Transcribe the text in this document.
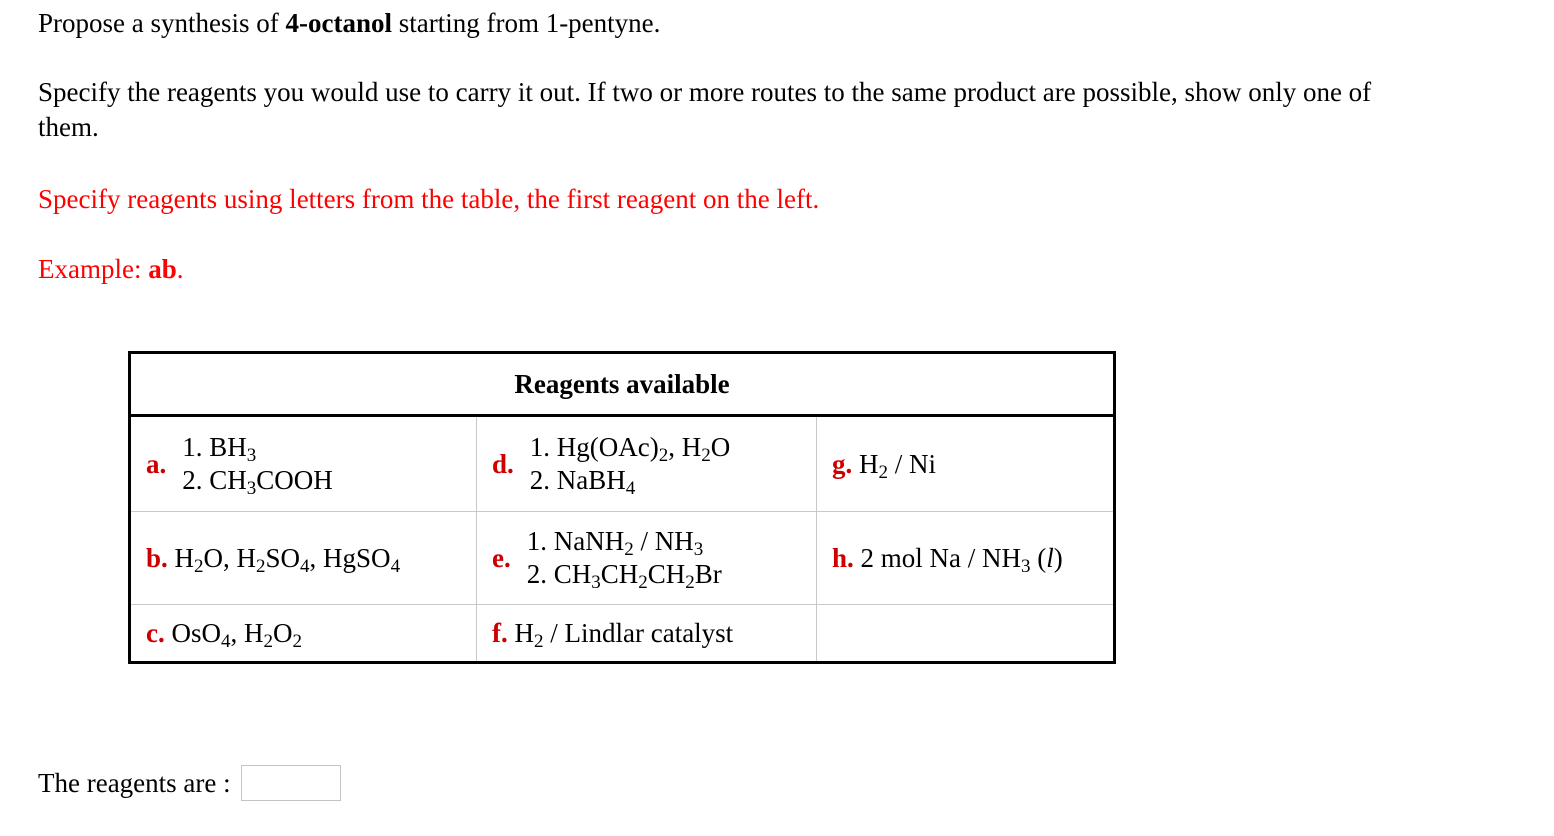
Propose a synthesis of 4-octanol starting from 1-pentyne.
Specify the reagents you would use to carry it out. If two or more routes to the same product are possible, show only one of
them.
Specify reagents using letters from the table, the first reagent on the left.
Example: ab.
Reagents available		

a.
1. $BH_3$
2. $CH_3COOH$	d.
1. $Hg(OAc)_2$, $H_2O$
2. NaBH$_4$	g. $H_2$ / Ni
b. $H_2O$, $H_2SO_4$, HgSO$_4$	e.
1. NaNH$_2$ / $NH_3$
2. $CH_3CH_2CH_2Br$	h. 2 mol Na / $NH_3$ (l)
c. OsO$_4$, $H_2O_2$	f. $H_2$ / Lindlar catalyst	
The reagents are :
